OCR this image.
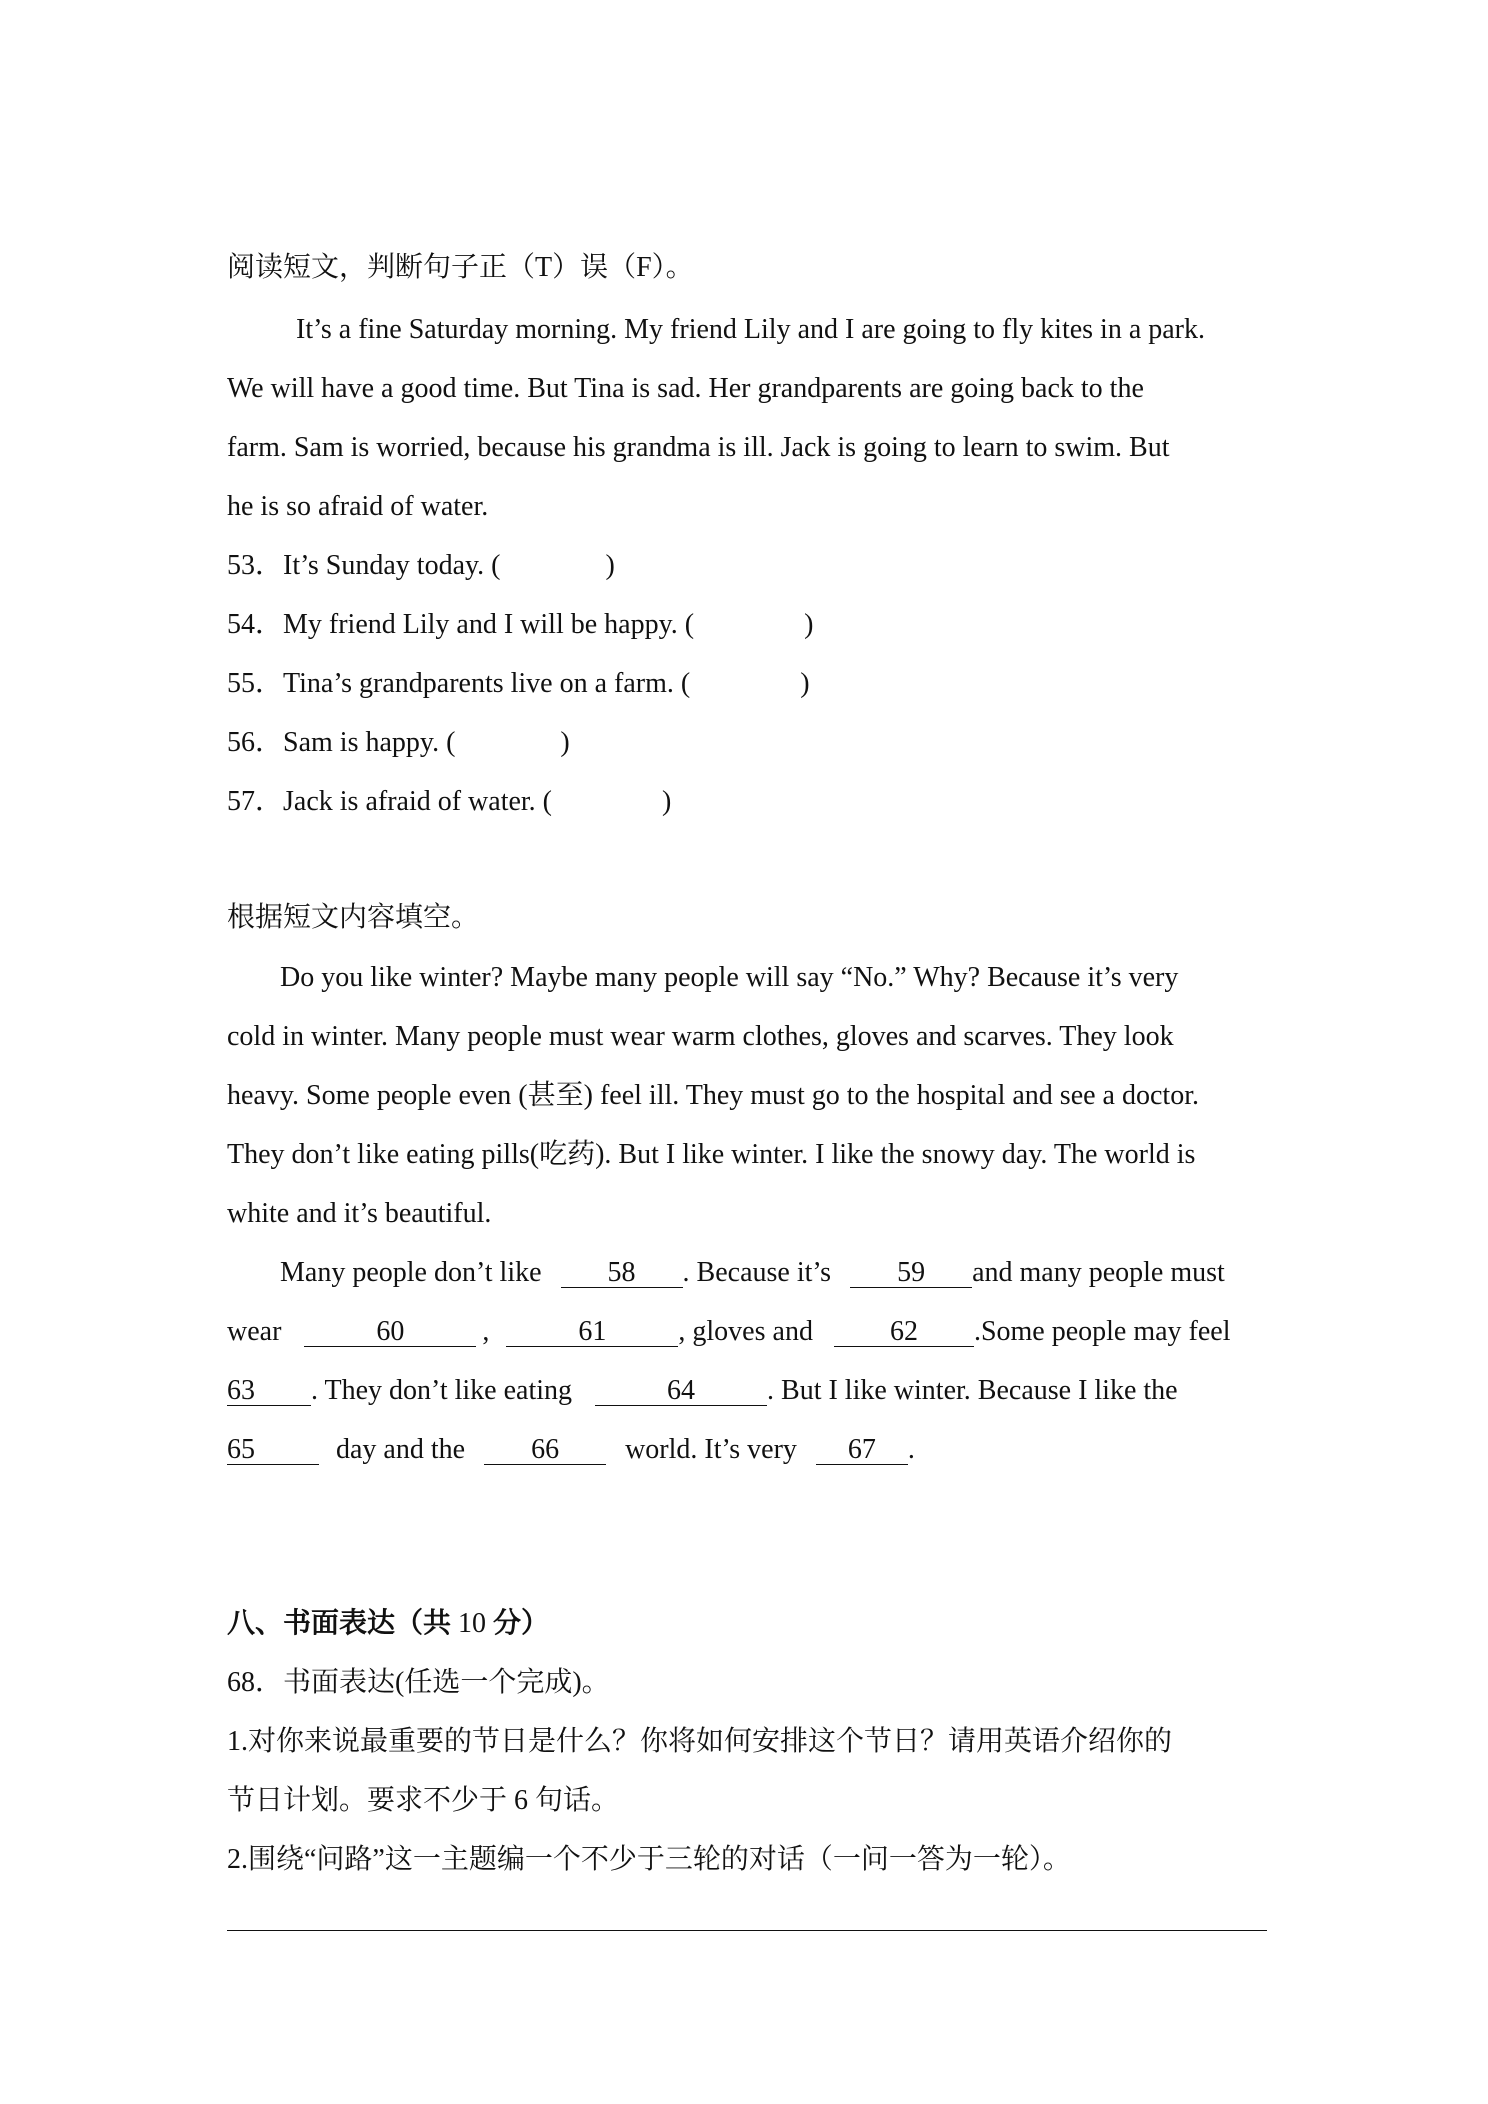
阅读短文，判断句子正（T）误（F）。
It’s a fine Saturday morning. My friend Lily and I are going to fly kites in a park.
We will have a good time. But Tina is sad. Her grandparents are going back to the
farm. Sam is worried, because his grandma is ill. Jack is going to learn to swim. But
he is so afraid of water.
53．It’s Sunday today. (	)
54．My friend Lily and I will be happy. (	)
55．Tina’s grandparents live on a farm. (	)
56．Sam is happy. (	)
57．Jack is afraid of water. (	)
根据短文内容填空。
Do you like winter? Maybe many people will say “No.” Why? Because it’s very
cold in winter. Many people must wear warm clothes, gloves and scarves. They look
heavy. Some people even (甚至) feel ill. They must go to the hospital and see a doctor.
They don’t like eating pills(吃药). But I like winter. I like the snowy day. The world is
white and it’s beautiful.
Many people don’t like 58 . Because it’s 59 and many people must
wear	60	,	61	, gloves and	62 .Some people may feel
63 . They don’t like eating	64	. But I like winter. Because I like the
65	day and the 66 world. It’s very 67 .
八、书面表达（共 10 分）
68．书面表达(任选一个完成)。
1.对你来说最重要的节日是什么？你将如何安排这个节日？请用英语介绍你的
节日计划。要求不少于 6 句话。
2.围绕“问路”这一主题编一个不少于三轮的对话（一问一答为一轮）。
